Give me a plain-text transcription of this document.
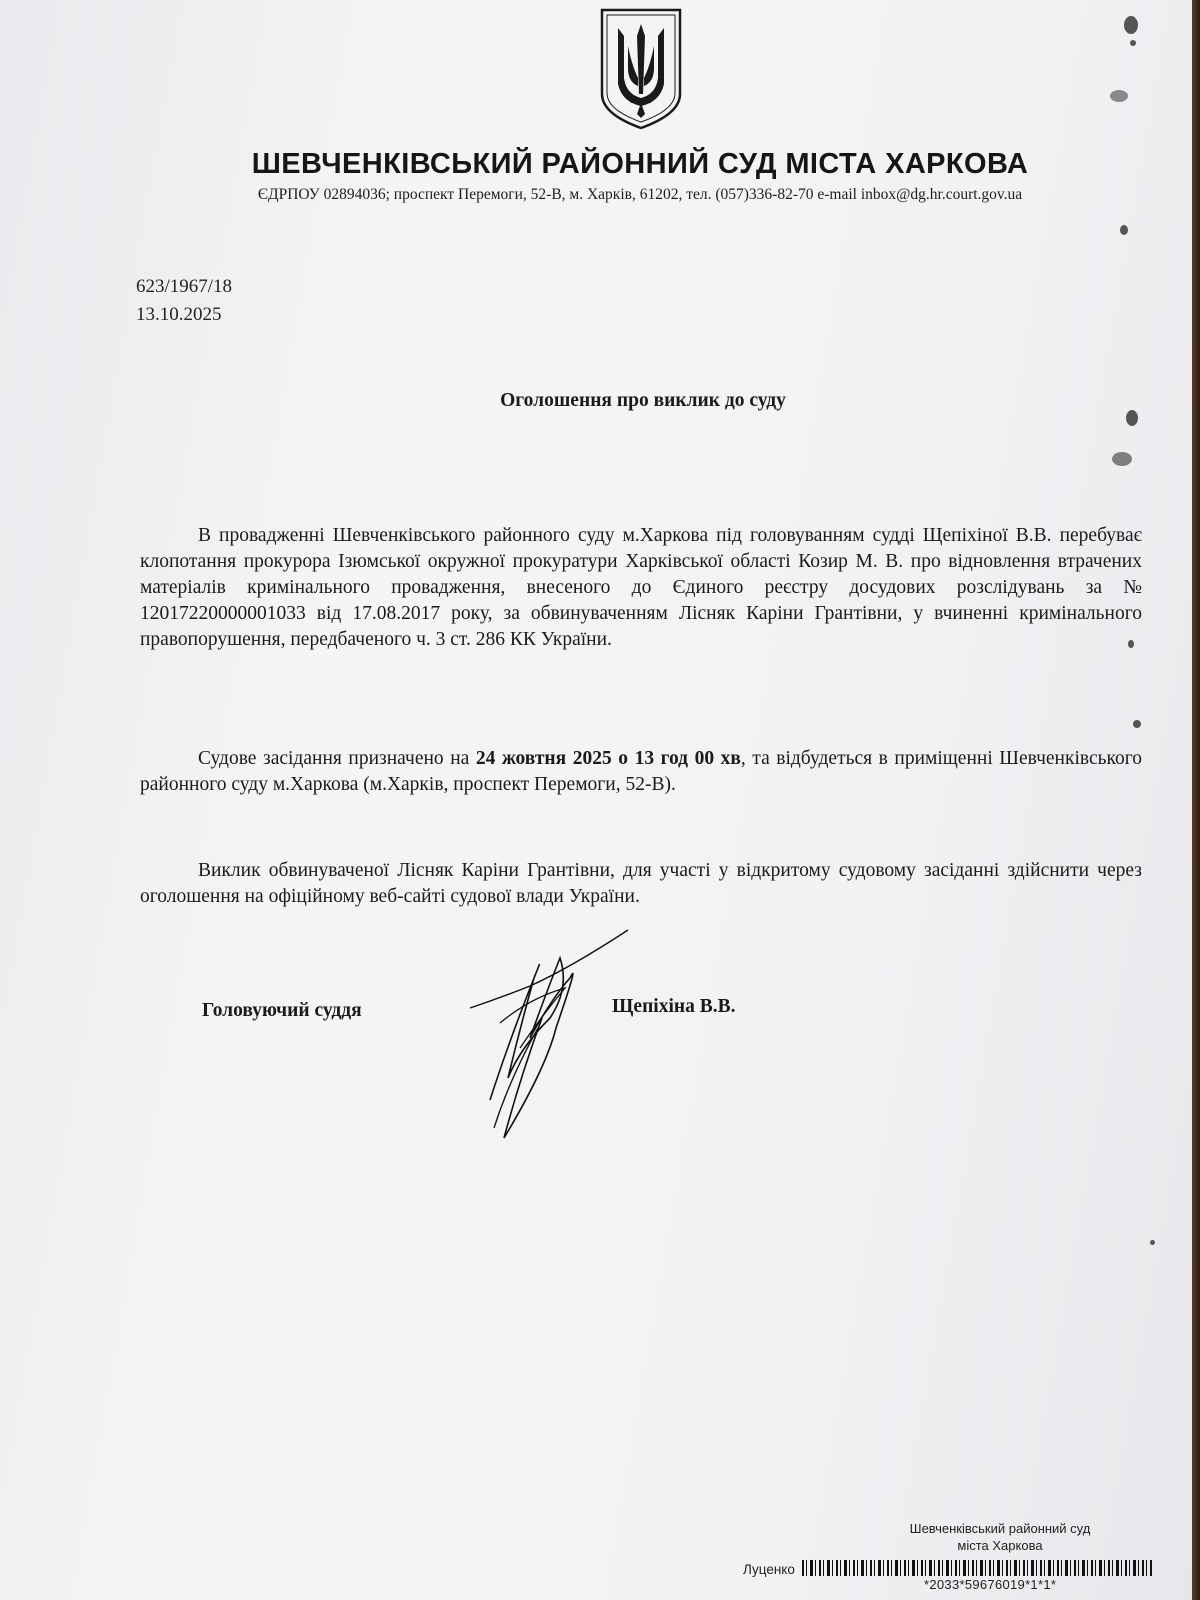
ШЕВЧЕНКІВСЬКИЙ РАЙОННИЙ СУД МІСТА ХАРКОВА
ЄДРПОУ 02894036; проспект Перемоги, 52-В, м. Харків, 61202, тел. (057)336-82-70 e-mail inbox@dg.hr.court.gov.ua
623/1967/18
13.10.2025
Оголошення про виклик до суду
В провадженні Шевченківського районного суду м.Харкова під головуванням судді Щепіхіної В.В. перебуває клопотання прокурора Ізюмської окружної прокуратури Харківської області Козир М. В. про відновлення втрачених матеріалів кримінального провадження, внесеного до Єдиного реєстру досудових розслідувань за № 12017220000001033 від 17.08.2017 року, за обвинуваченням Лісняк Каріни Грантівни, у вчиненні кримінального правопорушення, передбаченого ч. 3 ст. 286 КК України.
Судове засідання призначено на 24 жовтня 2025 о 13 год 00 хв, та відбудеться в приміщенні Шевченківського районного суду м.Харкова (м.Харків, проспект Перемоги, 52-В).
Виклик обвинуваченої Лісняк Каріни Грантівни, для участі у відкритому судовому засіданні здійснити через оголошення на офіційному веб-сайті судової влади України.
Головуючий суддя	Щепіхіна В.В.
Шевченківський районний суд
міста Харкова
Луценко
*2033*59676019*1*1*
